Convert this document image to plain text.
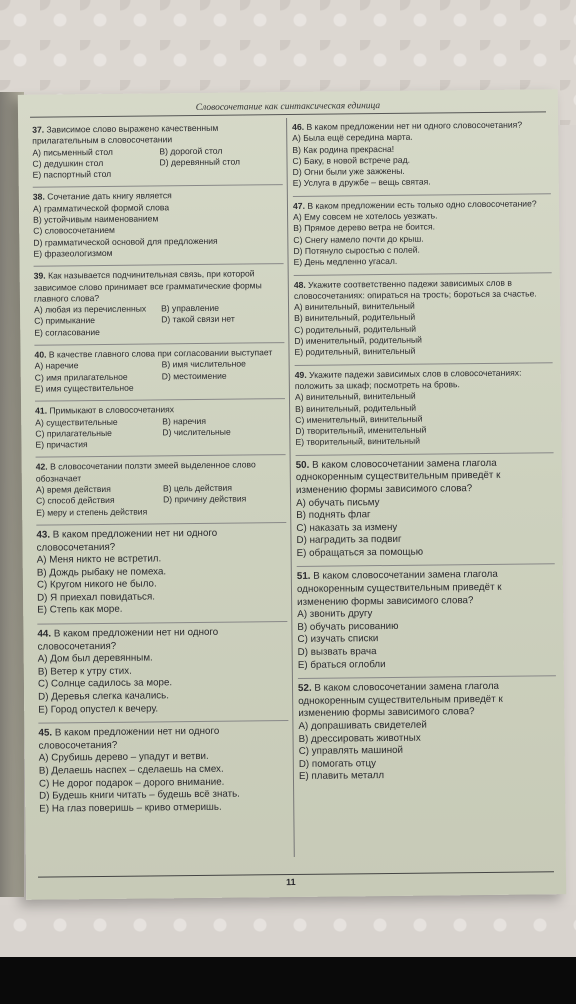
Словосочетание как синтаксическая единица
37. Зависимое слово выражено качественным прилагательным в словосочетании
А) письменный стол	B) дорогой стол
C) дедушкин стол	D) деревянный стол
E) паспортный стол
38. Сочетание дать книгу является
А) грамматической формой слова
B) устойчивым наименованием
C) словосочетанием
D) грамматической основой для предложения
E) фразеологизмом
39. Как называется подчинительная связь, при которой зависимое слово принимает все грамматические формы главного слова?
А) любая из перечисленных	B) управление
C) примыкание	D) такой связи нет
E) согласование
40. В качестве главного слова при согласовании выступает
А) наречие	B) имя числительное
C) имя прилагательное	D) местоимение
E) имя существительное
41. Примыкают в словосочетаниях
А) существительные	B) наречия
C) прилагательные	D) числительные
E) причастия
42. В словосочетании ползти змеей выделенное слово обозначает
А) время действия	B) цель действия
C) способ действия	D) причину действия
E) меру и степень действия
43. В каком предложении нет ни одного словосочетания?
А) Меня никто не встретил.
B) Дождь рыбаку не помеха.
C) Кругом никого не было.
D) Я приехал повидаться.
E) Степь как море.
44. В каком предложении нет ни одного словосочетания?
А) Дом был деревянным.
B) Ветер к утру стих.
C) Солнце садилось за море.
D) Деревья слегка качались.
E) Город опустел к вечеру.
45. В каком предложении нет ни одного словосочетания?
А) Срубишь дерево – упадут и ветви.
B) Делаешь наспех – сделаешь на смех.
C) Не дорог подарок – дорого внимание.
D) Будешь книги читать – будешь всё знать.
E) На глаз поверишь – криво отмеришь.
46. В каком предложении нет ни одного словосочетания?
А) Была ещё середина марта.
B) Как родина прекрасна!
C) Баку, в новой встрече рад.
D) Огни были уже зажжены.
E) Услуга в дружбе – вещь святая.
47. В каком предложении есть только одно словосочетание?
А) Ему совсем не хотелось уезжать.
B) Прямое дерево ветра не боится.
C) Снегу намело почти до крыш.
D) Потянуло сыростью с полей.
E) День медленно угасал.
48. Укажите соответственно падежи зависимых слов в словосочетаниях: опираться на трость; бороться за счастье.
А) винительный, винительный
B) винительный, родительный
C) родительный, родительный
D) именительный, родительный
E) родительный, винительный
49. Укажите падежи зависимых слов в словосочетаниях: положить за шкаф; посмотреть на бровь.
А) винительный, винительный
B) винительный, родительный
C) именительный, винительный
D) творительный, именительный
E) творительный, винительный
50. В каком словосочетании замена глагола однокоренным существительным приведёт к изменению формы зависимого слова?
А) обучать письму
B) поднять флаг
C) наказать за измену
D) наградить за подвиг
E) обращаться за помощью
51. В каком словосочетании замена глагола однокоренным существительным приведёт к изменению формы зависимого слова?
А) звонить другу
B) обучать рисованию
C) изучать списки
D) вызвать врача
E) браться оглобли
52. В каком словосочетании замена глагола однокоренным существительным приведёт к изменению формы зависимого слова?
А) допрашивать свидетелей
B) дрессировать животных
C) управлять машиной
D) помогать отцу
E) плавить металл
11
